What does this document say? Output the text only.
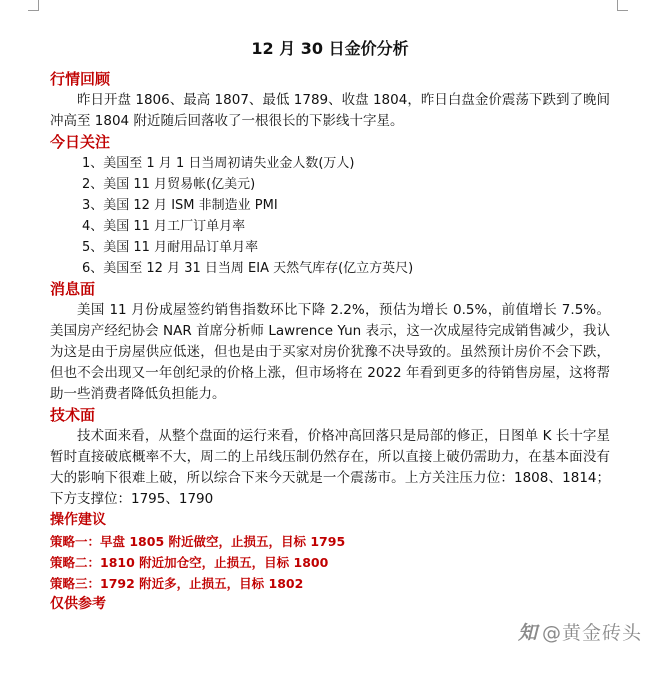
12 月 30 日金价分析

行情回顾

昨日开盘 1806、最高 1807、最低 1789、收盘 1804，昨日白盘金价震荡下跌到了晚间冲高至 1804 附近随后回落收了一根很长的下影线十字星。

今日关注

1、美国至 1 月 1 日当周初请失业金人数(万人)
2、美国 11 月贸易帐(亿美元)
3、美国 12 月 ISM 非制造业 PMI
4、美国 11 月工厂订单月率
5、美国 11 月耐用品订单月率
6、美国至 12 月 31 日当周 EIA 天然气库存(亿立方英尺)

消息面

美国 11 月份成屋签约销售指数环比下降 2.2%，预估为增长 0.5%，前值增长 7.5%。美国房产经纪协会 NAR 首席分析师 Lawrence Yun 表示，这一次成屋待完成销售减少，我认为这是由于房屋供应低迷，但也是由于买家对房价犹豫不决导致的。虽然预计房价不会下跌，但也不会出现又一年创纪录的价格上涨，但市场将在 2022 年看到更多的待销售房屋，这将帮助一些消费者降低负担能力。

技术面

技术面来看，从整个盘面的运行来看，价格冲高回落只是局部的修正，日图单 K 长十字星暂时直接破底概率不大，周二的上吊线压制仍然存在，所以直接上破仍需助力，在基本面没有大的影响下很难上破，所以综合下来今天就是一个震荡市。上方关注压力位：1808、1814；下方支撑位：1795、1790

操作建议

策略一：早盘 1805 附近做空，止损五，目标 1795

策略二：1810 附近加仓空，止损五，目标 1800

策略三：1792 附近多，止损五，目标 1802

仅供参考

知 @黄金砖头
